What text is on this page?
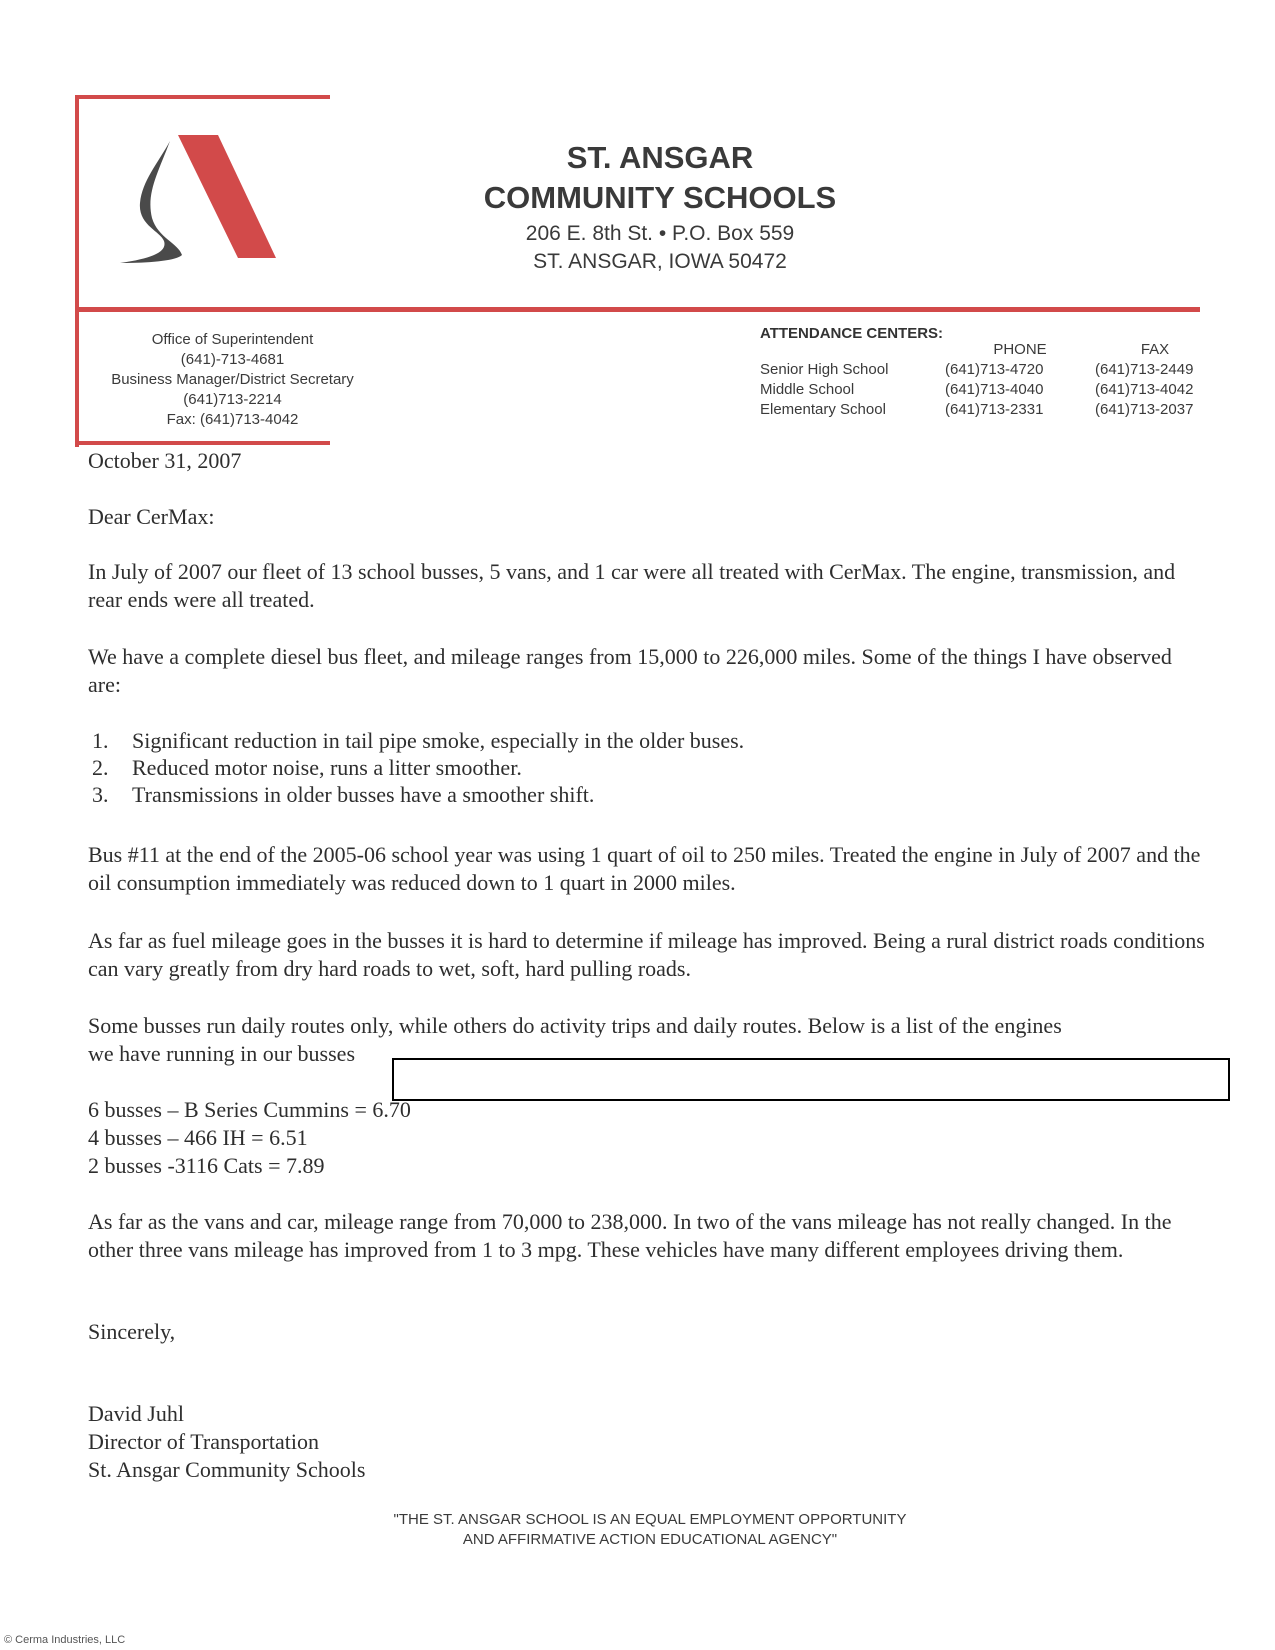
ST. ANSGAR
COMMUNITY SCHOOLS
206 E. 8th St. • P.O. Box 559
ST. ANSGAR, IOWA 50472
Office of Superintendent
(641)-713-4681
Business Manager/District Secretary
(641)713-2214
Fax: (641)713-4042
ATTENDANCE CENTERS:
	PHONE	FAX
Senior High School	(641)713-4720	(641)713-2449
Middle School	(641)713-4040	(641)713-4042
Elementary School	(641)713-2331	(641)713-2037
October 31, 2007
Dear CerMax:
In July of 2007 our fleet of 13 school busses, 5 vans, and 1 car were all treated with CerMax. The engine, transmission, and rear ends were all treated.
We have a complete diesel bus fleet, and mileage ranges from 15,000 to 226,000 miles. Some of the things I have observed are:
1.	Significant reduction in tail pipe smoke, especially in the older buses.
2.	Reduced motor noise, runs a litter smoother.
3.	Transmissions in older busses have a smoother shift.
Bus #11 at the end of the 2005-06 school year was using 1 quart of oil to 250 miles. Treated the engine in July of 2007 and the oil consumption immediately was reduced down to 1 quart in 2000 miles.
As far as fuel mileage goes in the busses it is hard to determine if mileage has improved. Being a rural district roads conditions can vary greatly from dry hard roads to wet, soft, hard pulling roads.
Some busses run daily routes only, while others do activity trips and daily routes. Below is a list of the engines
we have running in our busses
6 busses – B Series Cummins = 6.70
4 busses – 466 IH = 6.51
2 busses -3116 Cats = 7.89
As far as the vans and car, mileage range from 70,000 to 238,000. In two of the vans mileage has not really changed. In the other three vans mileage has improved from 1 to 3 mpg. These vehicles have many different employees driving them.
Sincerely,
David Juhl
Director of Transportation
St. Ansgar Community Schools
"THE ST. ANSGAR SCHOOL IS AN EQUAL EMPLOYMENT OPPORTUNITY
AND AFFIRMATIVE ACTION EDUCATIONAL AGENCY"
© Cerma Industries, LLC
